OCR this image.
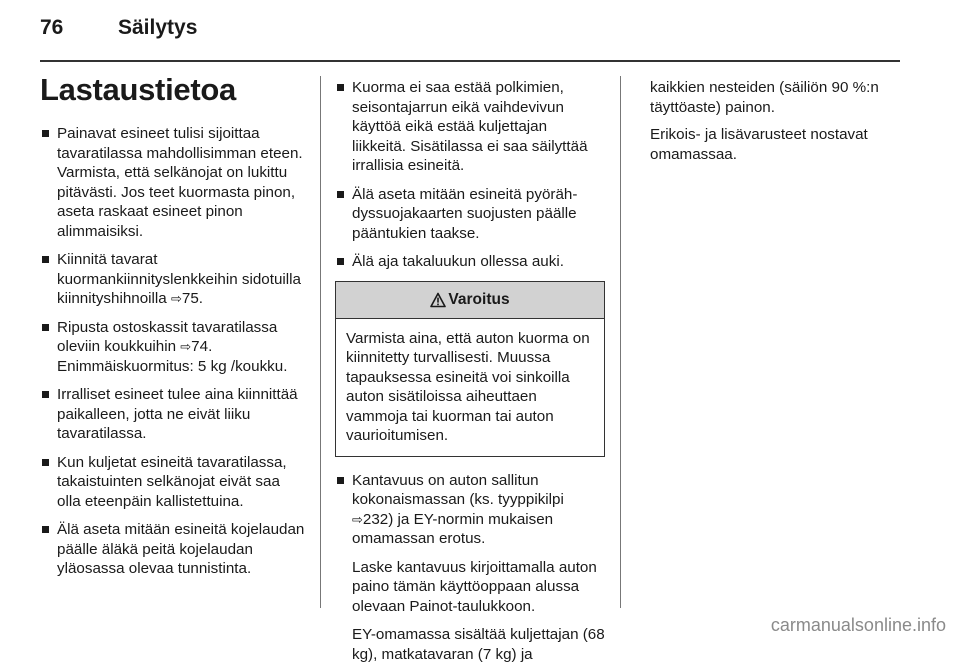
76	Säilytys
Lastaustietoa
Painavat esineet tulisi sijoittaa tavaratilassa mahdollisimman eteen. Varmista, että selkänojat on lukittu pitävästi. Jos teet kuormasta pinon, aseta raskaat esineet pinon alimmaisiksi.
Kiinnitä tavarat kuormankiinnityslenkkeihin sidotuilla kiinnityshihnoilla ⇨75.
Ripusta ostoskassit tavaratilassa oleviin koukkuihin ⇨74. Enimmäiskuormitus: 5 kg /koukku.
Irralliset esineet tulee aina kiinnittää paikalleen, jotta ne eivät liiku tavaratilassa.
Kun kuljetat esineitä tavaratilassa, takaistuinten selkänojat eivät saa olla eteenpäin kallistettuina.
Älä aseta mitään esineitä kojelaudan päälle äläkä peitä kojelaudan yläosassa olevaa tunnistinta.
Kuorma ei saa estää polkimien, seisontajarrun eikä vaihdevivun käyttöä eikä estää kuljettajan liikkeitä. Sisätilassa ei saa säilyttää irrallisia esineitä.
Älä aseta mitään esineitä pyörähdyssuojakaarten suojusten päälle pääntukien taakse.
Älä aja takaluukun ollessa auki.
Varoitus
Varmista aina, että auton kuorma on kiinnitetty turvallisesti. Muussa tapauksessa esineitä voi sinkoilla auton sisätiloissa aiheuttaen vammoja tai kuorman tai auton vaurioitumisen.
Kantavuus on auton sallitun kokonaismassan (ks. tyyppikilpi ⇨232) ja EY-normin mukaisen omamassan erotus.
Laske kantavuus kirjoittamalla auton paino tämän käyttöoppaan alussa olevaan Painot-taulukkoon.
EY-omamassa sisältää kuljettajan (68 kg), matkatavaran (7 kg) ja

kaikkien nesteiden (säiliön 90 %:n täyttöaste) painon.

Erikois- ja lisävarusteet nostavat omamassaa.

carmanualsonline.info
